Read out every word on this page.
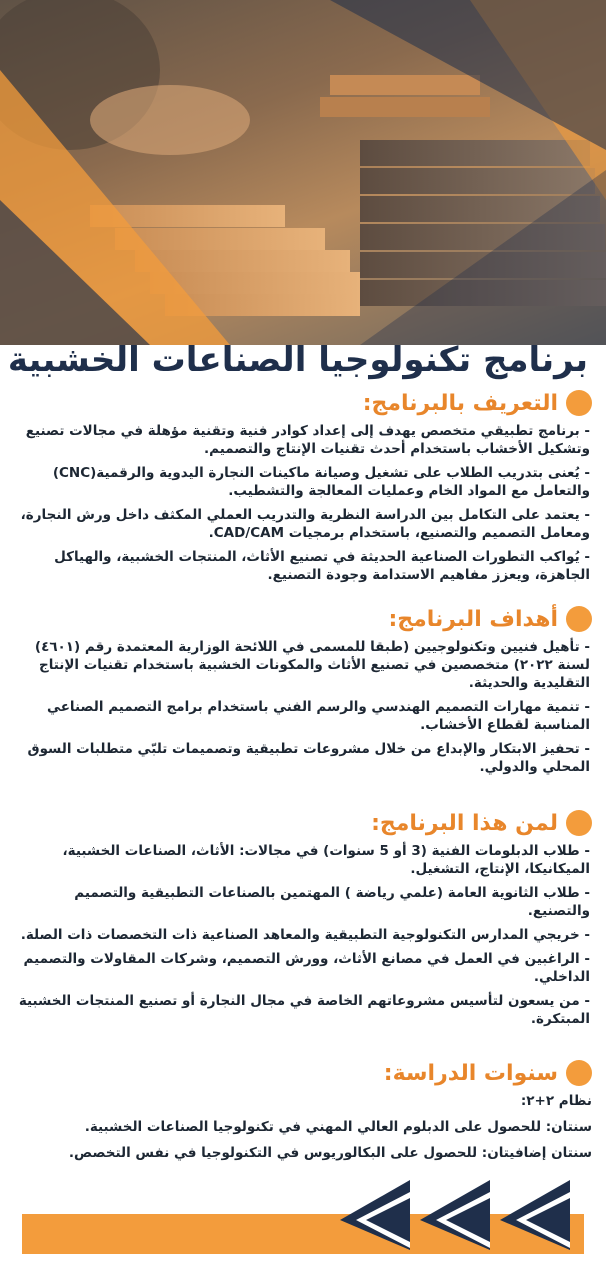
برنامج تكنولوجيا الصناعات الخشبية
التعريف بالبرنامج:
- برنامج تطبيقي متخصص يهدف إلى إعداد كوادر فنية وتقنية مؤهلة في مجالات تصنيع وتشكيل الأخشاب باستخدام أحدث تقنيات الإنتاج والتصميم.
- يُعنى بتدريب الطلاب على تشغيل وصيانة ماكينات النجارة اليدوية والرقمية(CNC) والتعامل مع المواد الخام وعمليات المعالجة والتشطيب.
- يعتمد على التكامل بين الدراسة النظرية والتدريب العملي المكثف داخل ورش النجارة، ومعامل التصميم والتصنيع، باستخدام برمجيات CAD/CAM.
- يُواكب التطورات الصناعية الحديثة في تصنيع الأثاث، المنتجات الخشبية، والهياكل الجاهزة، ويعزز مفاهيم الاستدامة وجودة التصنيع.
أهداف البرنامج:
- تأهيل فنيين وتكنولوجيين (طبقا للمسمى في اللائحة الوزارية المعتمدة رقم (٤٦٠١) لسنة ٢٠٢٢) متخصصين في تصنيع الأثاث والمكونات الخشبية باستخدام تقنيات الإنتاج التقليدية والحديثة.
- تنمية مهارات التصميم الهندسي والرسم الفني باستخدام برامج التصميم الصناعي المناسبة لقطاع الأخشاب.
- تحفيز الابتكار والإبداع من خلال مشروعات تطبيقية وتصميمات تلبّي متطلبات السوق المحلي والدولي.
لمن هذا البرنامج:
- طلاب الدبلومات الفنية (3 أو 5 سنوات) في مجالات: الأثاث، الصناعات الخشبية، الميكانيكا، الإنتاج، التشغيل.
- طلاب الثانوية العامة (علمي رياضة ) المهتمين بالصناعات التطبيقية والتصميم والتصنيع.
- خريجي المدارس التكنولوجية التطبيقية والمعاهد الصناعية ذات التخصصات ذات الصلة.
- الراغبين في العمل في مصانع الأثاث، وورش التصميم، وشركات المقاولات والتصميم الداخلي.
- من يسعون لتأسيس مشروعاتهم الخاصة في مجال النجارة أو تصنيع المنتجات الخشبية المبتكرة.
سنوات الدراسة:

نظام ٢+٢:

سنتان: للحصول على الدبلوم العالي المهني في تكنولوجيا الصناعات الخشبية.

سنتان إضافيتان: للحصول على البكالوريوس في التكنولوجيا في نفس التخصص.
